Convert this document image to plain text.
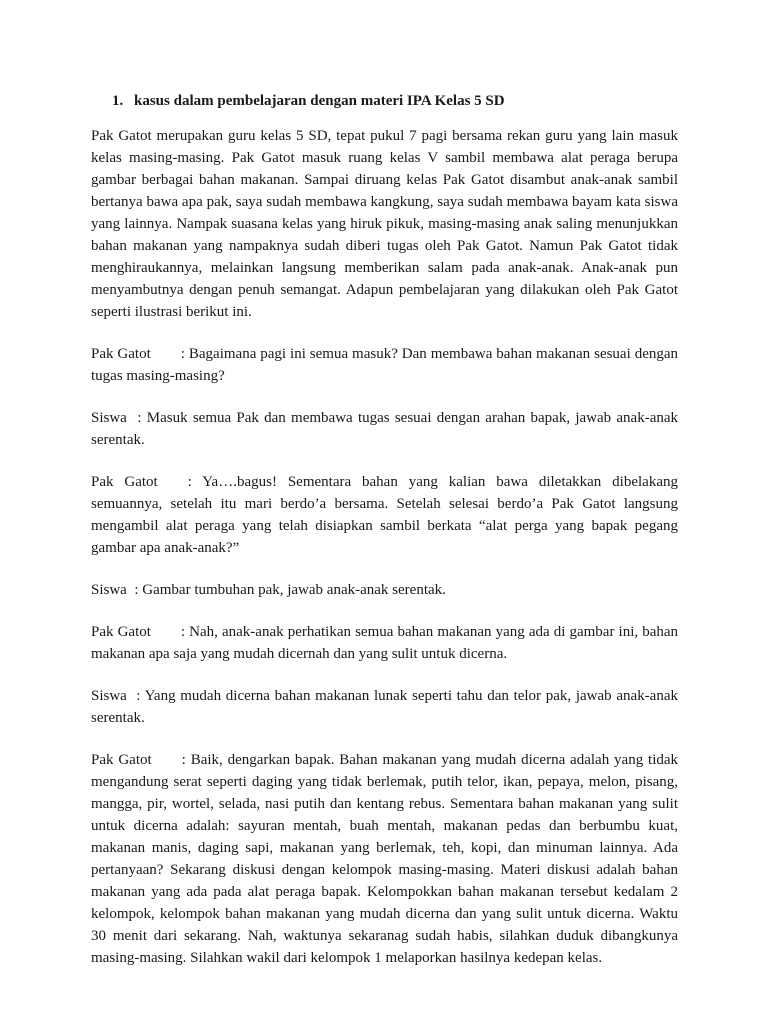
1. kasus dalam pembelajaran dengan materi IPA Kelas 5 SD

Pak Gatot merupakan guru kelas 5 SD, tepat pukul 7 pagi bersama rekan guru yang lain masuk kelas masing-masing. Pak Gatot masuk ruang kelas V sambil membawa alat peraga berupa gambar berbagai bahan makanan. Sampai diruang kelas Pak Gatot disambut anak-anak sambil bertanya bawa apa pak, saya sudah membawa kangkung, saya sudah membawa bayam kata siswa yang lainnya. Nampak suasana kelas yang hiruk pikuk, masing-masing anak saling menunjukkan bahan makanan yang nampaknya sudah diberi tugas oleh Pak Gatot. Namun Pak Gatot tidak menghiraukannya, melainkan langsung memberikan salam pada anak-anak. Anak-anak pun menyambutnya dengan penuh semangat. Adapun pembelajaran yang dilakukan oleh Pak Gatot seperti ilustrasi berikut ini.

Pak Gatot : Bagaimana pagi ini semua masuk? Dan membawa bahan makanan sesuai dengan tugas masing-masing?

Siswa : Masuk semua Pak dan membawa tugas sesuai dengan arahan bapak, jawab anak-anak serentak.

Pak Gatot : Ya….bagus! Sementara bahan yang kalian bawa diletakkan dibelakang semuannya, setelah itu mari berdo’a bersama. Setelah selesai berdo’a Pak Gatot langsung mengambil alat peraga yang telah disiapkan sambil berkata “alat perga yang bapak pegang gambar apa anak-anak?”

Siswa : Gambar tumbuhan pak, jawab anak-anak serentak.

Pak Gatot : Nah, anak-anak perhatikan semua bahan makanan yang ada di gambar ini, bahan makanan apa saja yang mudah dicernah dan yang sulit untuk dicerna.

Siswa : Yang mudah dicerna bahan makanan lunak seperti tahu dan telor pak, jawab anak-anak serentak.

Pak Gatot : Baik, dengarkan bapak. Bahan makanan yang mudah dicerna adalah yang tidak mengandung serat seperti daging yang tidak berlemak, putih telor, ikan, pepaya, melon, pisang, mangga, pir, wortel, selada, nasi putih dan kentang rebus. Sementara bahan makanan yang sulit untuk dicerna adalah: sayuran mentah, buah mentah, makanan pedas dan berbumbu kuat, makanan manis, daging sapi, makanan yang berlemak, teh, kopi, dan minuman lainnya. Ada pertanyaan? Sekarang diskusi dengan kelompok masing-masing. Materi diskusi adalah bahan makanan yang ada pada alat peraga bapak. Kelompokkan bahan makanan tersebut kedalam 2 kelompok, kelompok bahan makanan yang mudah dicerna dan yang sulit untuk dicerna. Waktu 30 menit dari sekarang. Nah, waktunya sekaranag sudah habis, silahkan duduk dibangkunya masing-masing. Silahkan wakil dari kelompok 1 melaporkan hasilnya kedepan kelas.
